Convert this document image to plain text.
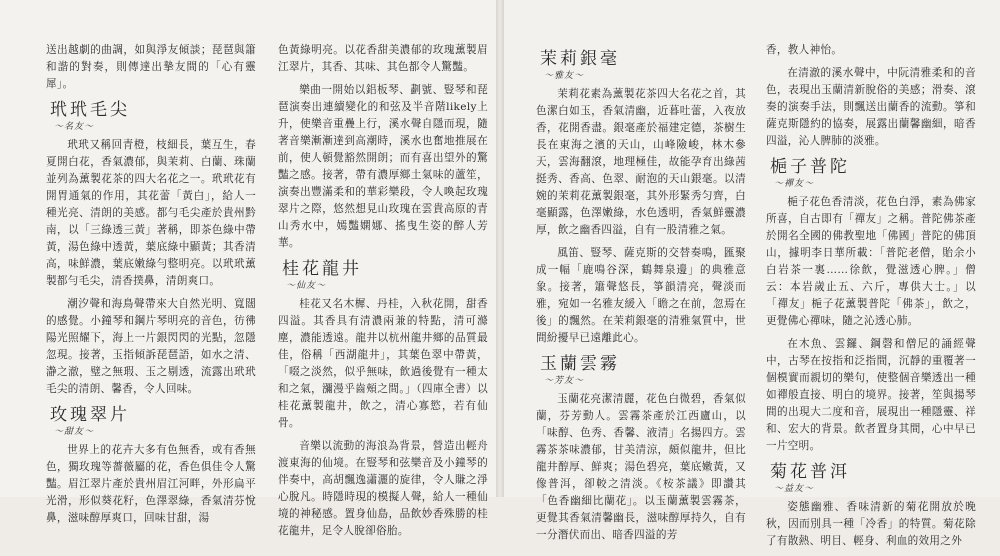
送出越劇的曲調，如與淨友傾談；琵琶與簫和諧的對奏，則傳達出摯友間的「心有靈犀」。

玳玳毛尖
～名友～

玳玳又稱回青橙，枝細長，葉互生，春夏開白花，香氣濃郁，與茉莉、白蘭、珠蘭並列為薰製花茶的四大名花之一。玳玳花有開胃通氣的作用，其花蕾「黃白」，給人一種光亮、清朗的美感。都勻毛尖產於貴州黔南，以「三綠透三黃」著稱，即茶色綠中帶黃，湯色綠中透黃，葉底綠中顯黃；其香清高，味鮮濃，葉底嫩綠勻整明亮。以玳玳薰製都勻毛尖，清香撲鼻，清朗爽口。

潮汐聲和海鳥聲帶來大自然光明、寬闊的感覺。小鐘琴和鋼片琴明亮的音色，彷彿陽光照耀下，海上一片銀閃閃的光點，忽隱忽現。接著，玉指傾訴琵琶語，如水之清、瀞之澈，璧之無瑕、玉之剔透，流露出玳玳毛尖的清朗、馨香，令人回味。

玫瑰翠片
～甜友～

世界上的花卉大多有色無香，或有香無色，獨玫瑰等薔薇屬的花，香色俱佳令人驚豔。眉江翠片產於貴州眉江河畔，外形扁平光滑，形似葵花籽，色澤翠綠，香氣清芬悅鼻，滋味醇厚爽口，回味甘甜，湯

色黃綠明亮。以花香甜美濃郁的玫瑰薰製眉江翠片，其香、其味、其色都令人驚豔。

樂曲一開始以鋁板琴、劃號、豎琴和琵琶演奏出連續變化的和弦及半音階likely上升，使樂音重疊上行，溪水聲自隱而現，隨著音樂漸漸達到高潮時，溪水也奮地推展在前，使人頓覺豁然開朗；而有喜出望外的驚豔之感。接著，帶有濃厚鄉土氣味的蘆笙，演奏出豐滿柔和的華彩樂段，令人喚起玫瑰翠片之際，悠然想見山玫瑰在雲貴高原的青山秀水中，嫣豔嫻娜、搖曳生姿的醉人芳華。

桂花龍井
～仙友～

桂花又名木樨、丹桂，入秋花開，甜香四溢。其香具有清濃兩兼的特點，清可滌塵，濃能透遠。龍井以杭州龍井鄉的品質最佳，俗稱「西湖龍井」，其葉色翠中帶黃，「啜之淡然，似乎無味，飲過後覺有一種太和之氣，瀰漫乎齒頰之間。」（四庫全書）以桂花薰製龍井，飲之，清心寡慾，若有仙骨。

音樂以流動的海浪為背景，營造出輕舟渡東海的仙境。在豎琴和弦樂音及小鐘琴的伴奏中，高胡飄逸瀟灑的旋律，令人賺之淨心脫凡。時隱時現的模擬人聲，給人一種仙境的神秘感。置身仙島，品飲妙香殊勝的桂花龍井，足令人脫卻俗胎。

茉莉銀毫
～雅友～

茉莉花素為薰製花茶四大名花之首，其色潔白如玉，香氣清幽，近暮吐蕾，入夜放香，花開香盡。銀毫產於福建定德，茶樹生長在東海之濱的天山，山峰險峻，林木參天，雲海翻滾，地理極佳，故能孕育出綠茜挺秀、香高、色翠、耐泡的天山銀毫。以清婉的茉莉花薰製銀毫，其外形緊秀匀齊，白毫顯露，色澤嫩綠，水色透明，香氣鮮靈濃厚，飲之幽香四溢，自有一股清雅之氣。

風笛、豎琴、薩克斯的交替奏鳴，匯聚成一幅「鹿鳴谷深，鶴舞泉邊」的典雅意象。接著，簫聲悠長，箏韻清亮，聲淡而雅，宛如一名雅友緩入「瞻之在前，忽焉在後」的飄然。在茉莉銀毫的清雅氣質中，世間紛擾早已遠離此心。

玉蘭雲霧
～芳友～

玉蘭花亮潔清麗，花色白微碧，香氣似蘭，芬芳動人。雲霧茶產於江西廬山，以「味醇、色秀、香馨、液清」名揚四方。雲霧茶茶味濃郁，甘美清涼，頗似龍井，但比龍井醇厚、鮮爽；湯色碧亮，葉底嫩黃，又像普洱，卻較之清淡。《桉茶議》即讚其「色香幽細比蘭花」。以玉蘭薰製雲霧茶，更覺其香氣清馨幽長，滋味醇厚持久，自有一分潛伏而出、暗香四溢的芳

香，教人神怡。

在清澈的溪水聲中，中阮清雅柔和的音色，表現出玉蘭清新脫俗的美感；滑奏、滾奏的演奏手法，則飄送出蘭香的流動。箏和薩克斯隱約的協奏，展露出蘭馨幽細，暗香四溢，沁人脾肺的淡雅。

梔子普陀
～禪友～

梔子花色香清淡，花色白淨，素為佛家所喜，自古即有「禪友」之稱。普陀佛茶產於開名全國的佛教聖地「佛國」普陀的佛頂山，據明李日華所載：「普陀老僧，貽余小白岩茶一裏……徐飲，覺滋透心脾。」僧云：本岩歲止五、六斤，專供大士。」以「禪友」梔子花薰製普陀「佛茶」，飲之，更覺佛心禪味，隨之沁透心肺。

在木魚、雲鑼、鋼磬和僧尼的誦經聲中，古琴在按指和泛指間，沉靜的重覆著一個模實而親切的樂句，使整個音樂透出一種如禪般直接、明白的境界。接著，笙與揚琴間的出現大二度和音，展現出一種隱靈、祥和、宏大的背景。飲者置身其間，心中早已一片空明。

菊花普洱
～益友～

姿態幽雅、香味清新的菊花開放於晚秋，因而別具一種「冷香」的特質。菊花除了有散熱、明目、輕身、利血的效用之外
